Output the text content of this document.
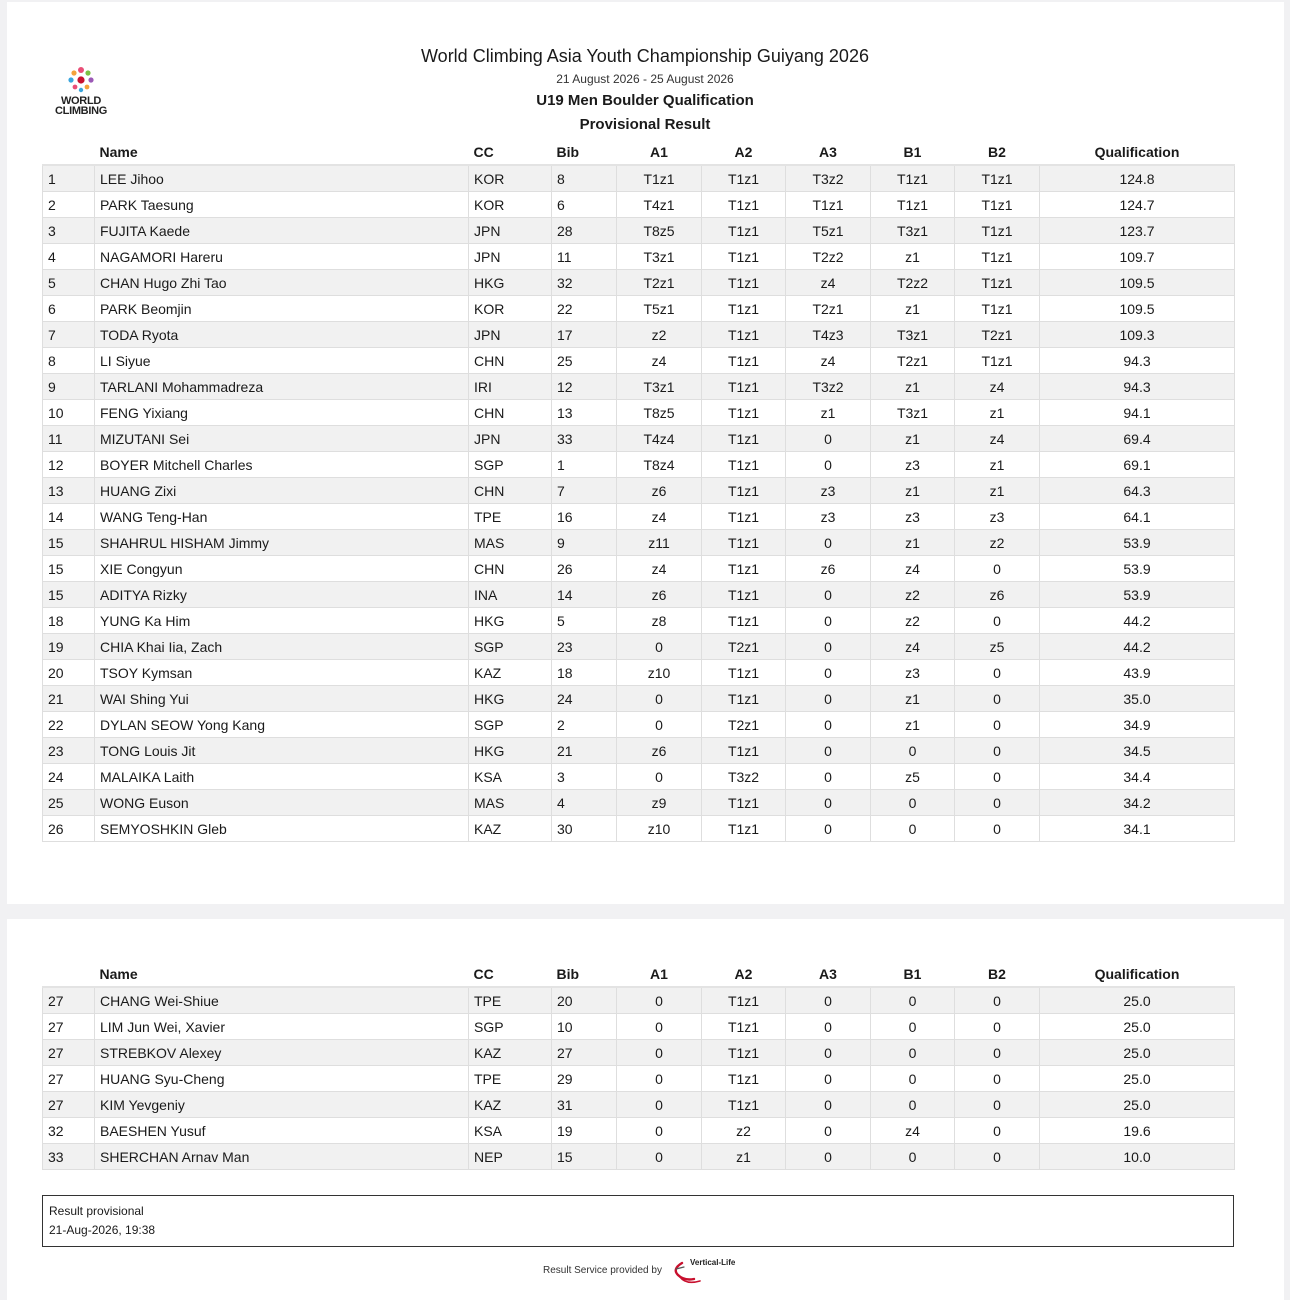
WORLD
CLIMBING
World Climbing Asia Youth Championship Guiyang 2026
21 August 2026 - 25 August 2026
U19 Men Boulder Qualification
Provisional Result
	Name	CC	Bib	A1	A2	A3	B1	B2	Qualification
1	LEE Jihoo	KOR	8	T1z1	T1z1	T3z2	T1z1	T1z1	124.8
2	PARK Taesung	KOR	6	T4z1	T1z1	T1z1	T1z1	T1z1	124.7
3	FUJITA Kaede	JPN	28	T8z5	T1z1	T5z1	T3z1	T1z1	123.7
4	NAGAMORI Hareru	JPN	11	T3z1	T1z1	T2z2	z1	T1z1	109.7
5	CHAN Hugo Zhi Tao	HKG	32	T2z1	T1z1	z4	T2z2	T1z1	109.5
6	PARK Beomjin	KOR	22	T5z1	T1z1	T2z1	z1	T1z1	109.5
7	TODA Ryota	JPN	17	z2	T1z1	T4z3	T3z1	T2z1	109.3
8	LI Siyue	CHN	25	z4	T1z1	z4	T2z1	T1z1	94.3
9	TARLANI Mohammadreza	IRI	12	T3z1	T1z1	T3z2	z1	z4	94.3
10	FENG Yixiang	CHN	13	T8z5	T1z1	z1	T3z1	z1	94.1
11	MIZUTANI Sei	JPN	33	T4z4	T1z1	0	z1	z4	69.4
12	BOYER Mitchell Charles	SGP	1	T8z4	T1z1	0	z3	z1	69.1
13	HUANG Zixi	CHN	7	z6	T1z1	z3	z1	z1	64.3
14	WANG Teng-Han	TPE	16	z4	T1z1	z3	z3	z3	64.1
15	SHAHRUL HISHAM Jimmy	MAS	9	z11	T1z1	0	z1	z2	53.9
15	XIE Congyun	CHN	26	z4	T1z1	z6	z4	0	53.9
15	ADITYA Rizky	INA	14	z6	T1z1	0	z2	z6	53.9
18	YUNG Ka Him	HKG	5	z8	T1z1	0	z2	0	44.2
19	CHIA Khai Iia, Zach	SGP	23	0	T2z1	0	z4	z5	44.2
20	TSOY Kymsan	KAZ	18	z10	T1z1	0	z3	0	43.9
21	WAI Shing Yui	HKG	24	0	T1z1	0	z1	0	35.0
22	DYLAN SEOW Yong Kang	SGP	2	0	T2z1	0	z1	0	34.9
23	TONG Louis Jit	HKG	21	z6	T1z1	0	0	0	34.5
24	MALAIKA Laith	KSA	3	0	T3z2	0	z5	0	34.4
25	WONG Euson	MAS	4	z9	T1z1	0	0	0	34.2
26	SEMYOSHKIN Gleb	KAZ	30	z10	T1z1	0	0	0	34.1
	Name	CC	Bib	A1	A2	A3	B1	B2	Qualification
27	CHANG Wei-Shiue	TPE	20	0	T1z1	0	0	0	25.0
27	LIM Jun Wei, Xavier	SGP	10	0	T1z1	0	0	0	25.0
27	STREBKOV Alexey	KAZ	27	0	T1z1	0	0	0	25.0
27	HUANG Syu-Cheng	TPE	29	0	T1z1	0	0	0	25.0
27	KIM Yevgeniy	KAZ	31	0	T1z1	0	0	0	25.0
32	BAESHEN Yusuf	KSA	19	0	z2	0	z4	0	19.6
33	SHERCHAN Arnav Man	NEP	15	0	z1	0	0	0	10.0
Result provisional
21-Aug-2026, 19:38
Result Service provided by
Vertical-Life
